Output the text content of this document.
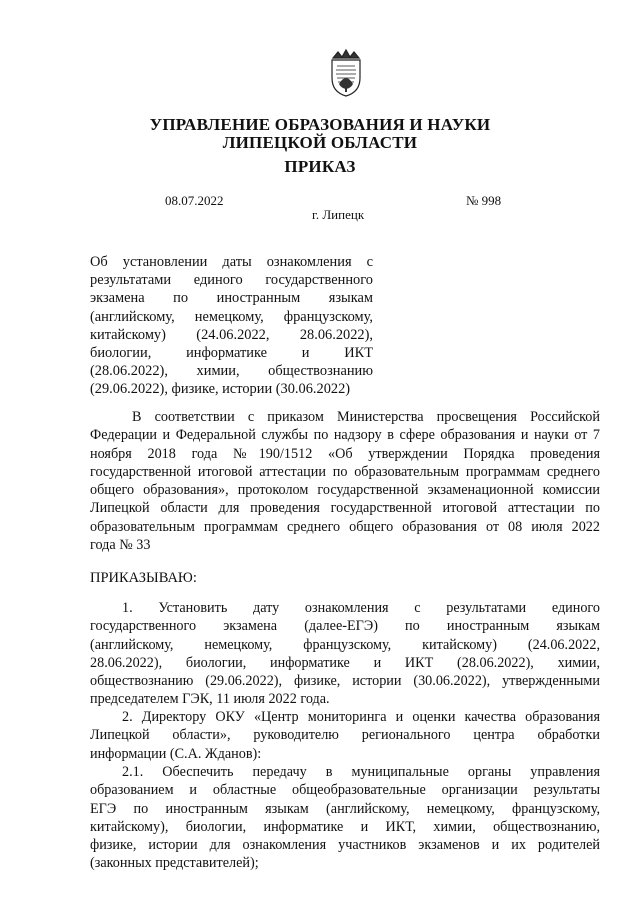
УПРАВЛЕНИЕ ОБРАЗОВАНИЯ И НАУКИ
ЛИПЕЦКОЙ ОБЛАСТИ
ПРИКАЗ
08.07.2022
г. Липецк
№ 998
Об установлении даты ознакомления с
результатами единого государственного
экзамена по иностранным языкам
(английскому, немецкому, французскому,
китайскому) (24.06.2022, 28.06.2022),
биологии, информатике и ИКТ
(28.06.2022), химии, обществознанию
(29.06.2022), физике, истории (30.06.2022)
В соответствии с приказом Министерства просвещения Российской
Федерации и Федеральной службы по надзору в сфере образования и науки от 7
ноября 2018 года №190/1512 «Об утверждении Порядка проведения
государственной итоговой аттестации по образовательным программам среднего
общего образования», протоколом государственной экзаменационной комиссии
Липецкой области для проведения государственной итоговой аттестации по
образовательным программам среднего общего образования от 08 июля 2022
года № 33
ПРИКАЗЫВАЮ:
1. Установить дату ознакомления с результатами единого
государственного экзамена (далее-ЕГЭ) по иностранным языкам
(английскому, немецкому, французскому, китайскому) (24.06.2022,
28.06.2022), биологии, информатике и ИКТ (28.06.2022), химии,
обществознанию (29.06.2022), физике, истории (30.06.2022), утвержденными
председателем ГЭК, 11 июля 2022 года.
2. Директору ОКУ «Центр мониторинга и оценки качества образования
Липецкой области», руководителю регионального центра обработки
информации (С.А. Жданов):
2.1. Обеспечить передачу в муниципальные органы управления
образованием и областные общеобразовательные организации результаты
ЕГЭ по иностранным языкам (английскому, немецкому, французскому,
китайскому), биологии, информатике и ИКТ, химии, обществознанию,
физике, истории для ознакомления участников экзаменов и их родителей
(законных представителей);
